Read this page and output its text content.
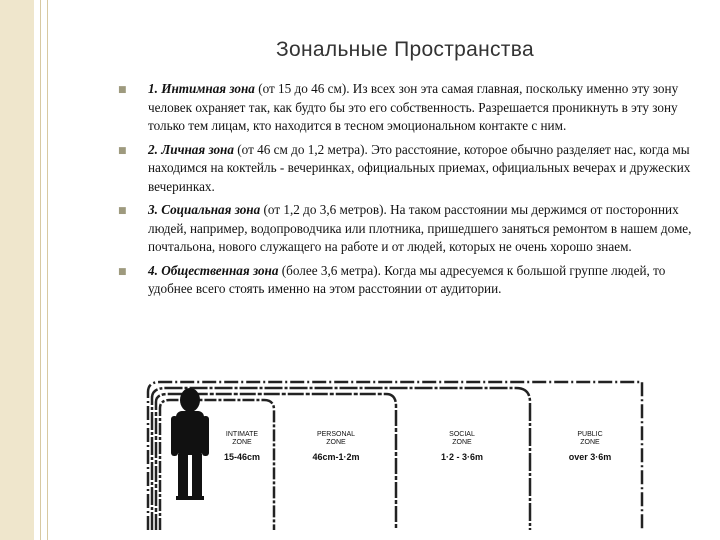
Зональные Пространства
■ 1. Интимная зона (от 15 до 46 см). Из всех зон эта самая главная, поскольку именно эту зону человек охраняет так, как будто бы это его собственность. Разрешается проникнуть в эту зону только тем лицам, кто находится в тесном эмоциональном контакте с ним.
■ 2. Личная зона (от 46 см до 1,2 метра). Это расстояние, которое обычно разделяет нас, когда мы находимся на коктейль - вечеринках, официальных приемах, официальных вечерах и дружеских вечеринках.
■ 3. Социальная зона (от 1,2 до 3,6 метров). На таком расстоянии мы держимся от посторонних людей, например, водопроводчика или плотника, пришедшего заняться ремонтом в нашем доме, почтальона, нового служащего на работе и от людей, которых не очень хорошо знаем.
■ 4. Общественная зона (более 3,6 метра). Когда мы адресуемся к большой группе людей, то удобнее всего стоять именно на этом расстоянии от аудитории.
INTIMATE
ZONE
15-46cm
PERSONAL
ZONE
46cm-1·2m
SOCIAL
ZONE
1·2 - 3·6m
PUBLIC
ZONE
over 3·6m
